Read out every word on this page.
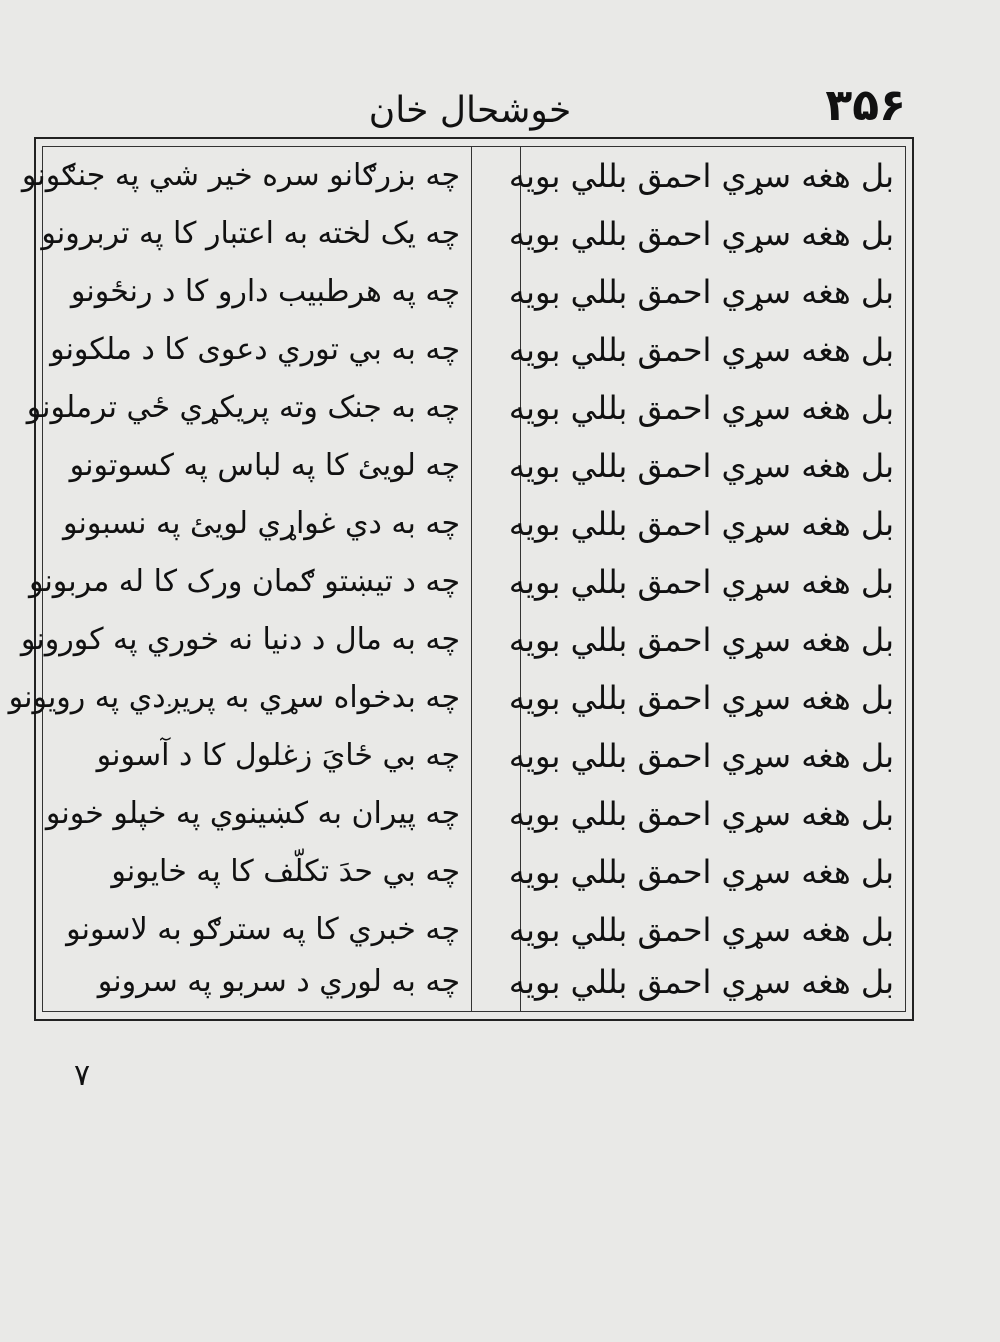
۳۵۶
خوشحال خان
بل هغه سړي احمق بللي بويه
بل هغه سړي احمق بللي بويه
بل هغه سړي احمق بللي بويه
بل هغه سړي احمق بللي بويه
بل هغه سړي احمق بللي بويه
بل هغه سړي احمق بللي بويه
بل هغه سړي احمق بللي بويه
بل هغه سړي احمق بللي بويه
بل هغه سړي احمق بللي بويه
بل هغه سړي احمق بللي بويه
بل هغه سړي احمق بللي بويه
بل هغه سړي احمق بللي بويه
بل هغه سړي احمق بللي بويه
بل هغه سړي احمق بللي بويه
بل هغه سړي احمق بللي بويه
چه بزرګانو سره خير شي په جنګونو
چه يک لخته به اعتبار کا په تربرونو
چه په هرطبيب دارو کا د رنځونو
چه به بي توري دعوی کا د ملکونو
چه به جنک وته پريکړي ځي ترملونو
چه لويئ کا په لباس په کسوتونو
چه به دي غواړي لويئ په نسبونو
چه د تيښتو ګمان ورک کا له مربونو
چه به مال د دنيا نه خوري په کورونو
چه بدخواه سړي به پريږدي په رويونو
چه بي ځايَ زغلول کا د آسونو
چه پيران به کښينوي په خپلو خونو
چه بي حدَ تکلّف کا په خايونو
چه خبري کا په سترګو به لاسونو
چه به لوري د سربو په سرونو
۷
